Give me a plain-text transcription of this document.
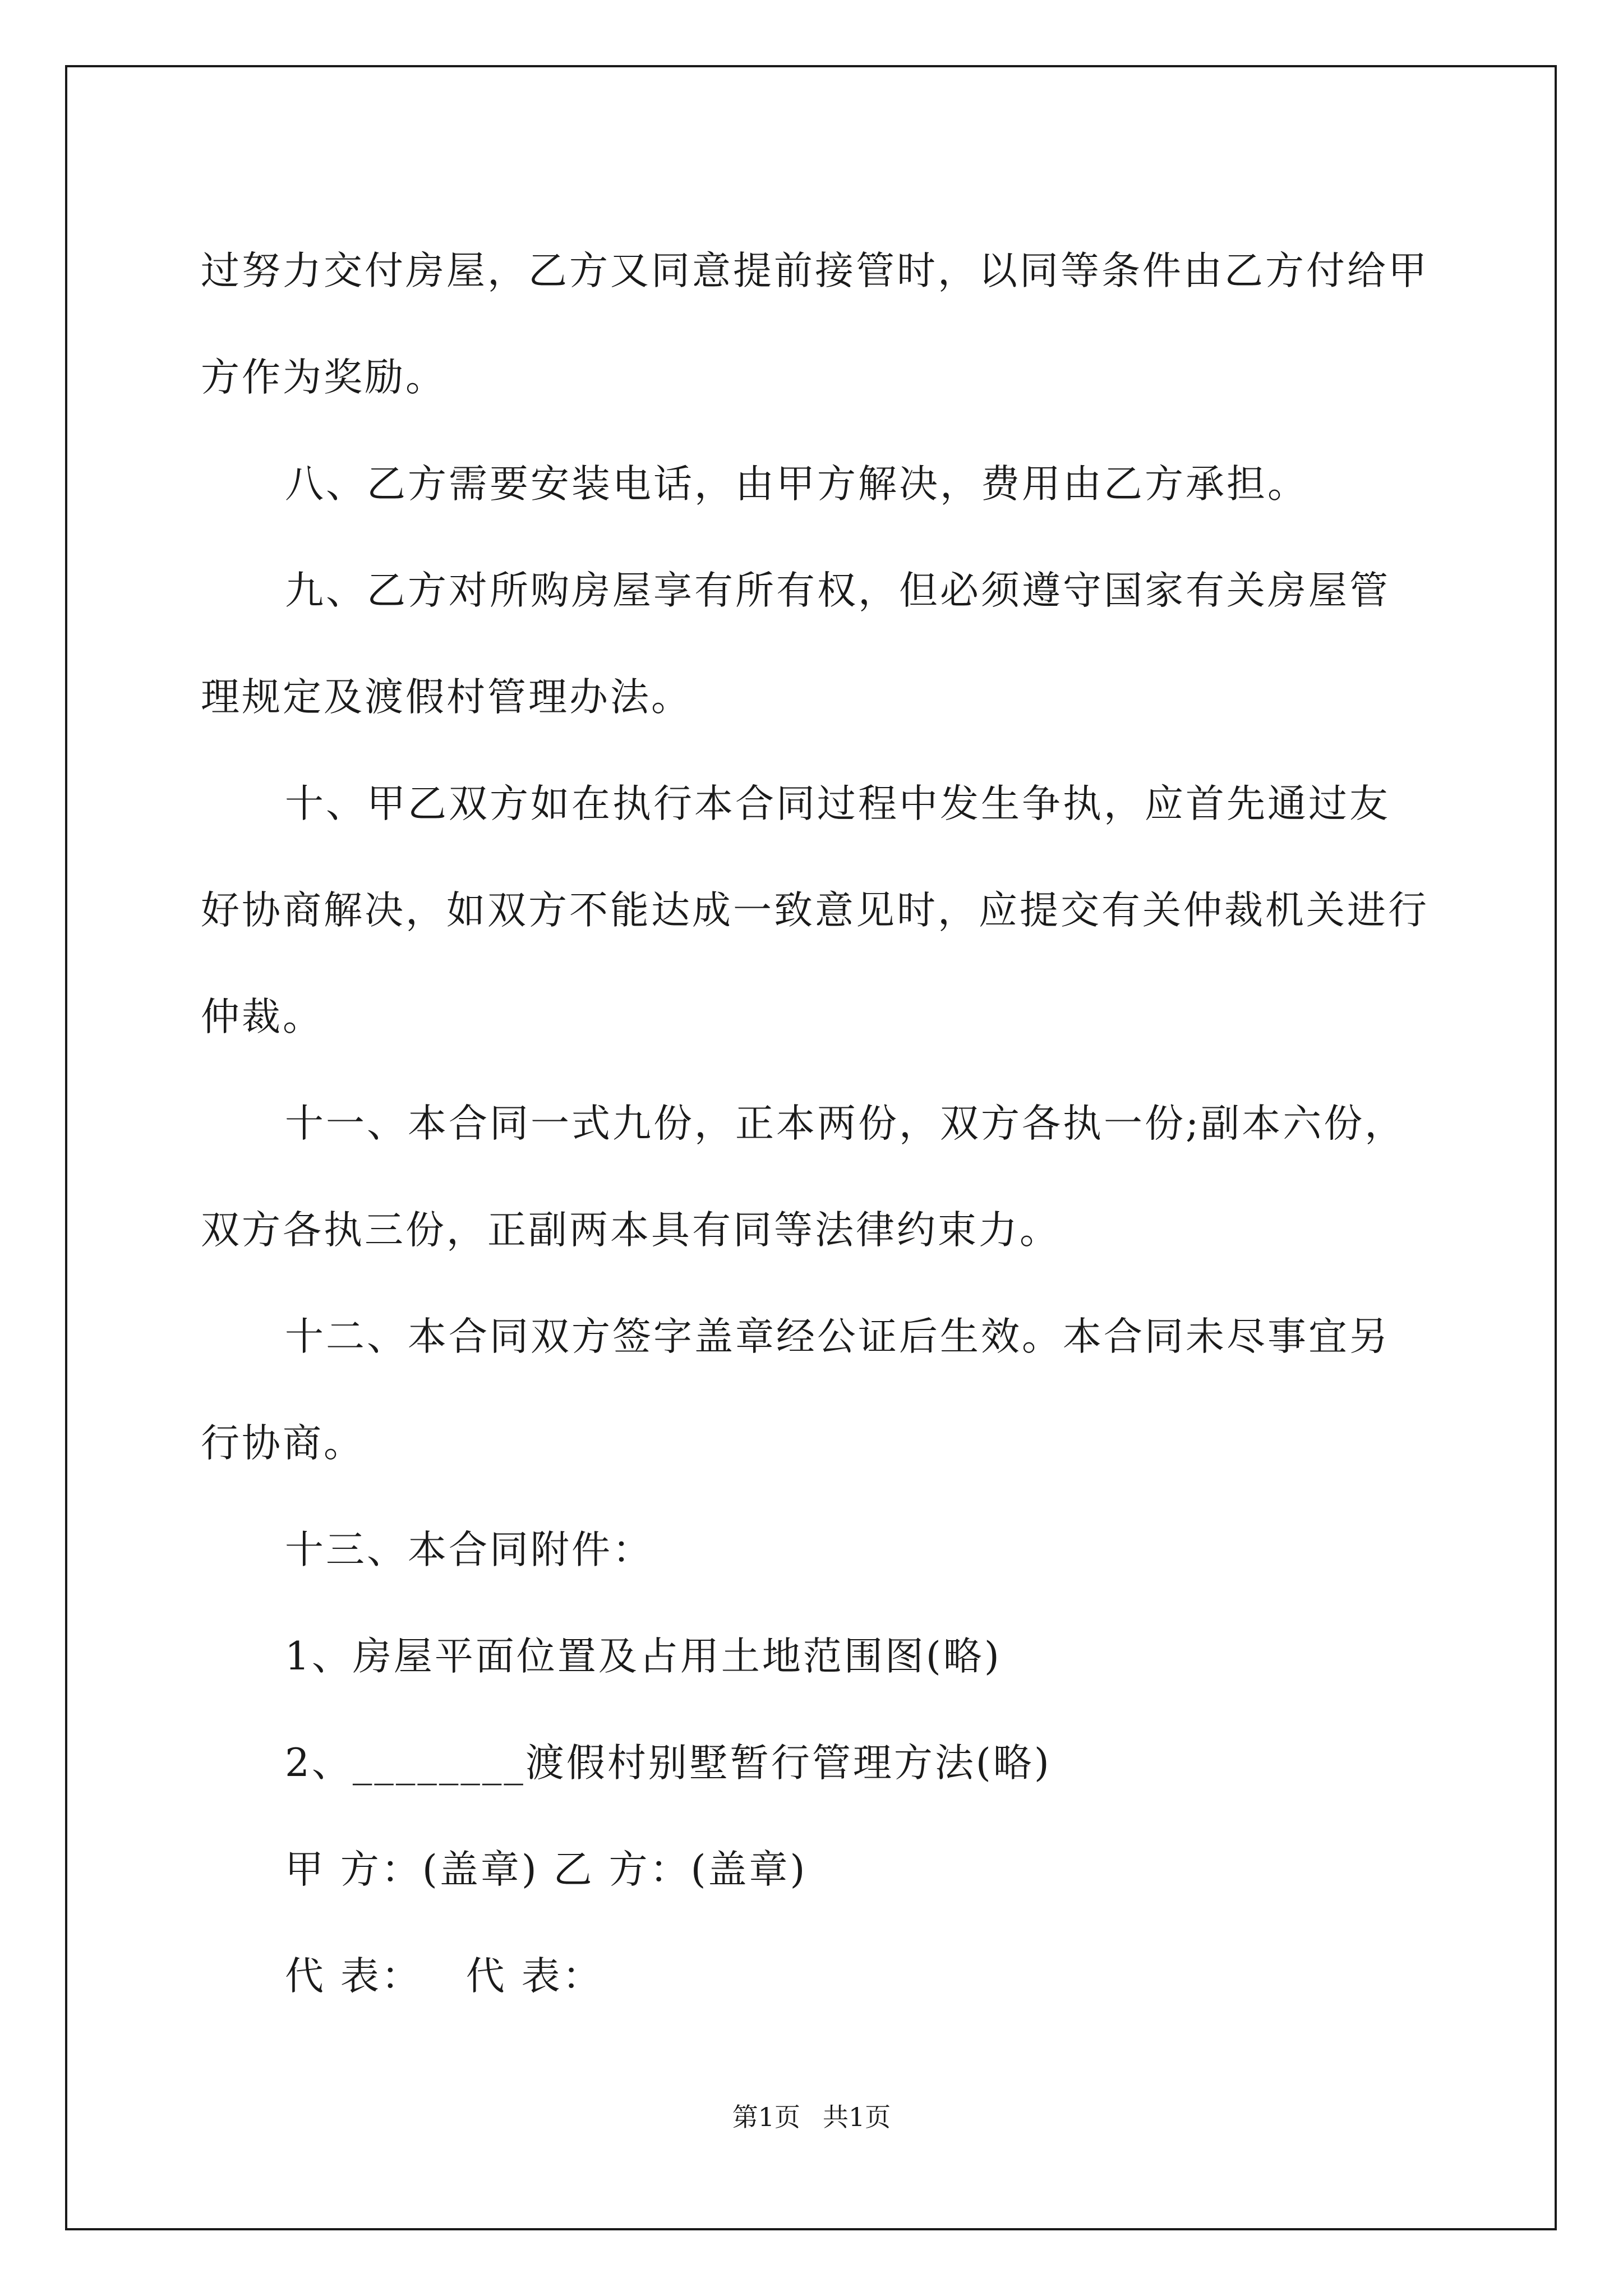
过努力交付房屋，乙方又同意提前接管时，以同等条件由乙方付给甲方作为奖励。

八、乙方需要安装电话，由甲方解决，费用由乙方承担。

九、乙方对所购房屋享有所有权，但必须遵守国家有关房屋管理规定及渡假村管理办法。

十、甲乙双方如在执行本合同过程中发生争执，应首先通过友好协商解决，如双方不能达成一致意见时，应提交有关仲裁机关进行仲裁。

十一、本合同一式九份，正本两份，双方各执一份;副本六份，双方各执三份，正副两本具有同等法律约束力。

十二、本合同双方签字盖章经公证后生效。本合同未尽事宜另行协商。

十三、本合同附件：

1、房屋平面位置及占用土地范围图(略)

2、________渡假村别墅暂行管理方法(略)

甲 方：(盖章) 乙 方：(盖章)

代 表：   代 表：

第1页 共1页
